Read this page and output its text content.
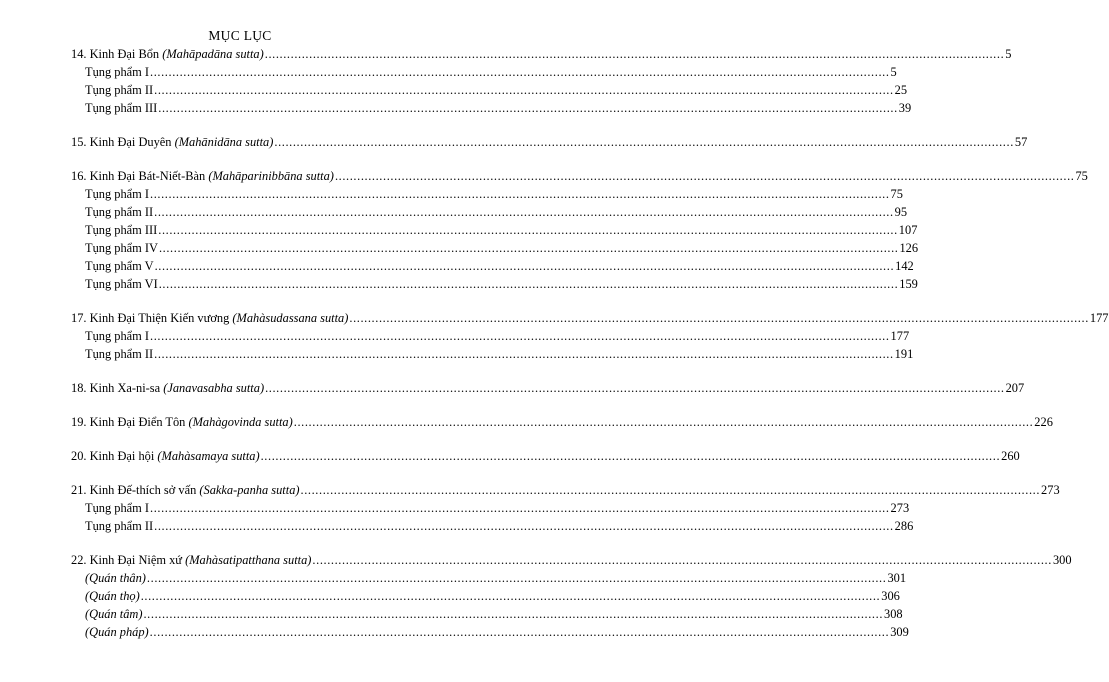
MỤC LỤC
14. Kinh Đại Bổn (Mahāpadāna sutta) ........................................................................................................................................................................................................ 5
Tụng phẩm I ........................................................................................................................................................................................................ 5
Tụng phẩm II ........................................................................................................................................................................................................ 25
Tụng phẩm III ........................................................................................................................................................................................................ 39
15. Kinh Đại Duyên (Mahānidāna sutta) ........................................................................................................................................................................................................ 57
16. Kinh Đại Bát-Niết-Bàn (Mahāparinibbāna sutta) ........................................................................................................................................................................................................ 75
Tụng phẩm I ........................................................................................................................................................................................................ 75
Tụng phẩm II ........................................................................................................................................................................................................ 95
Tụng phẩm III ........................................................................................................................................................................................................ 107
Tụng phẩm IV ........................................................................................................................................................................................................ 126
Tụng phẩm V ........................................................................................................................................................................................................ 142
Tụng phẩm VI ........................................................................................................................................................................................................ 159
17. Kinh Đại Thiện Kiến vương (Mahàsudassana sutta) ........................................................................................................................................................................................................ 177
Tụng phẩm I ........................................................................................................................................................................................................ 177
Tụng phẩm II ........................................................................................................................................................................................................ 191
18. Kinh Xa-ni-sa (Janavasabha sutta) ........................................................................................................................................................................................................ 207
19. Kinh Đại Điển Tôn (Mahàgovinda sutta) ........................................................................................................................................................................................................ 226
20. Kinh Đại hội (Mahàsamaya sutta) ........................................................................................................................................................................................................ 260
21. Kinh Đế-thích sở vấn (Sakka-panha sutta) ........................................................................................................................................................................................................ 273
Tụng phẩm I ........................................................................................................................................................................................................ 273
Tụng phẩm II ........................................................................................................................................................................................................ 286
22. Kinh Đại Niệm xứ (Mahàsatipatthana sutta) ........................................................................................................................................................................................................ 300
(Quán thân) ........................................................................................................................................................................................................ 301
(Quán thọ) ........................................................................................................................................................................................................ 306
(Quán tâm) ........................................................................................................................................................................................................ 308
(Quán pháp) ........................................................................................................................................................................................................ 309
